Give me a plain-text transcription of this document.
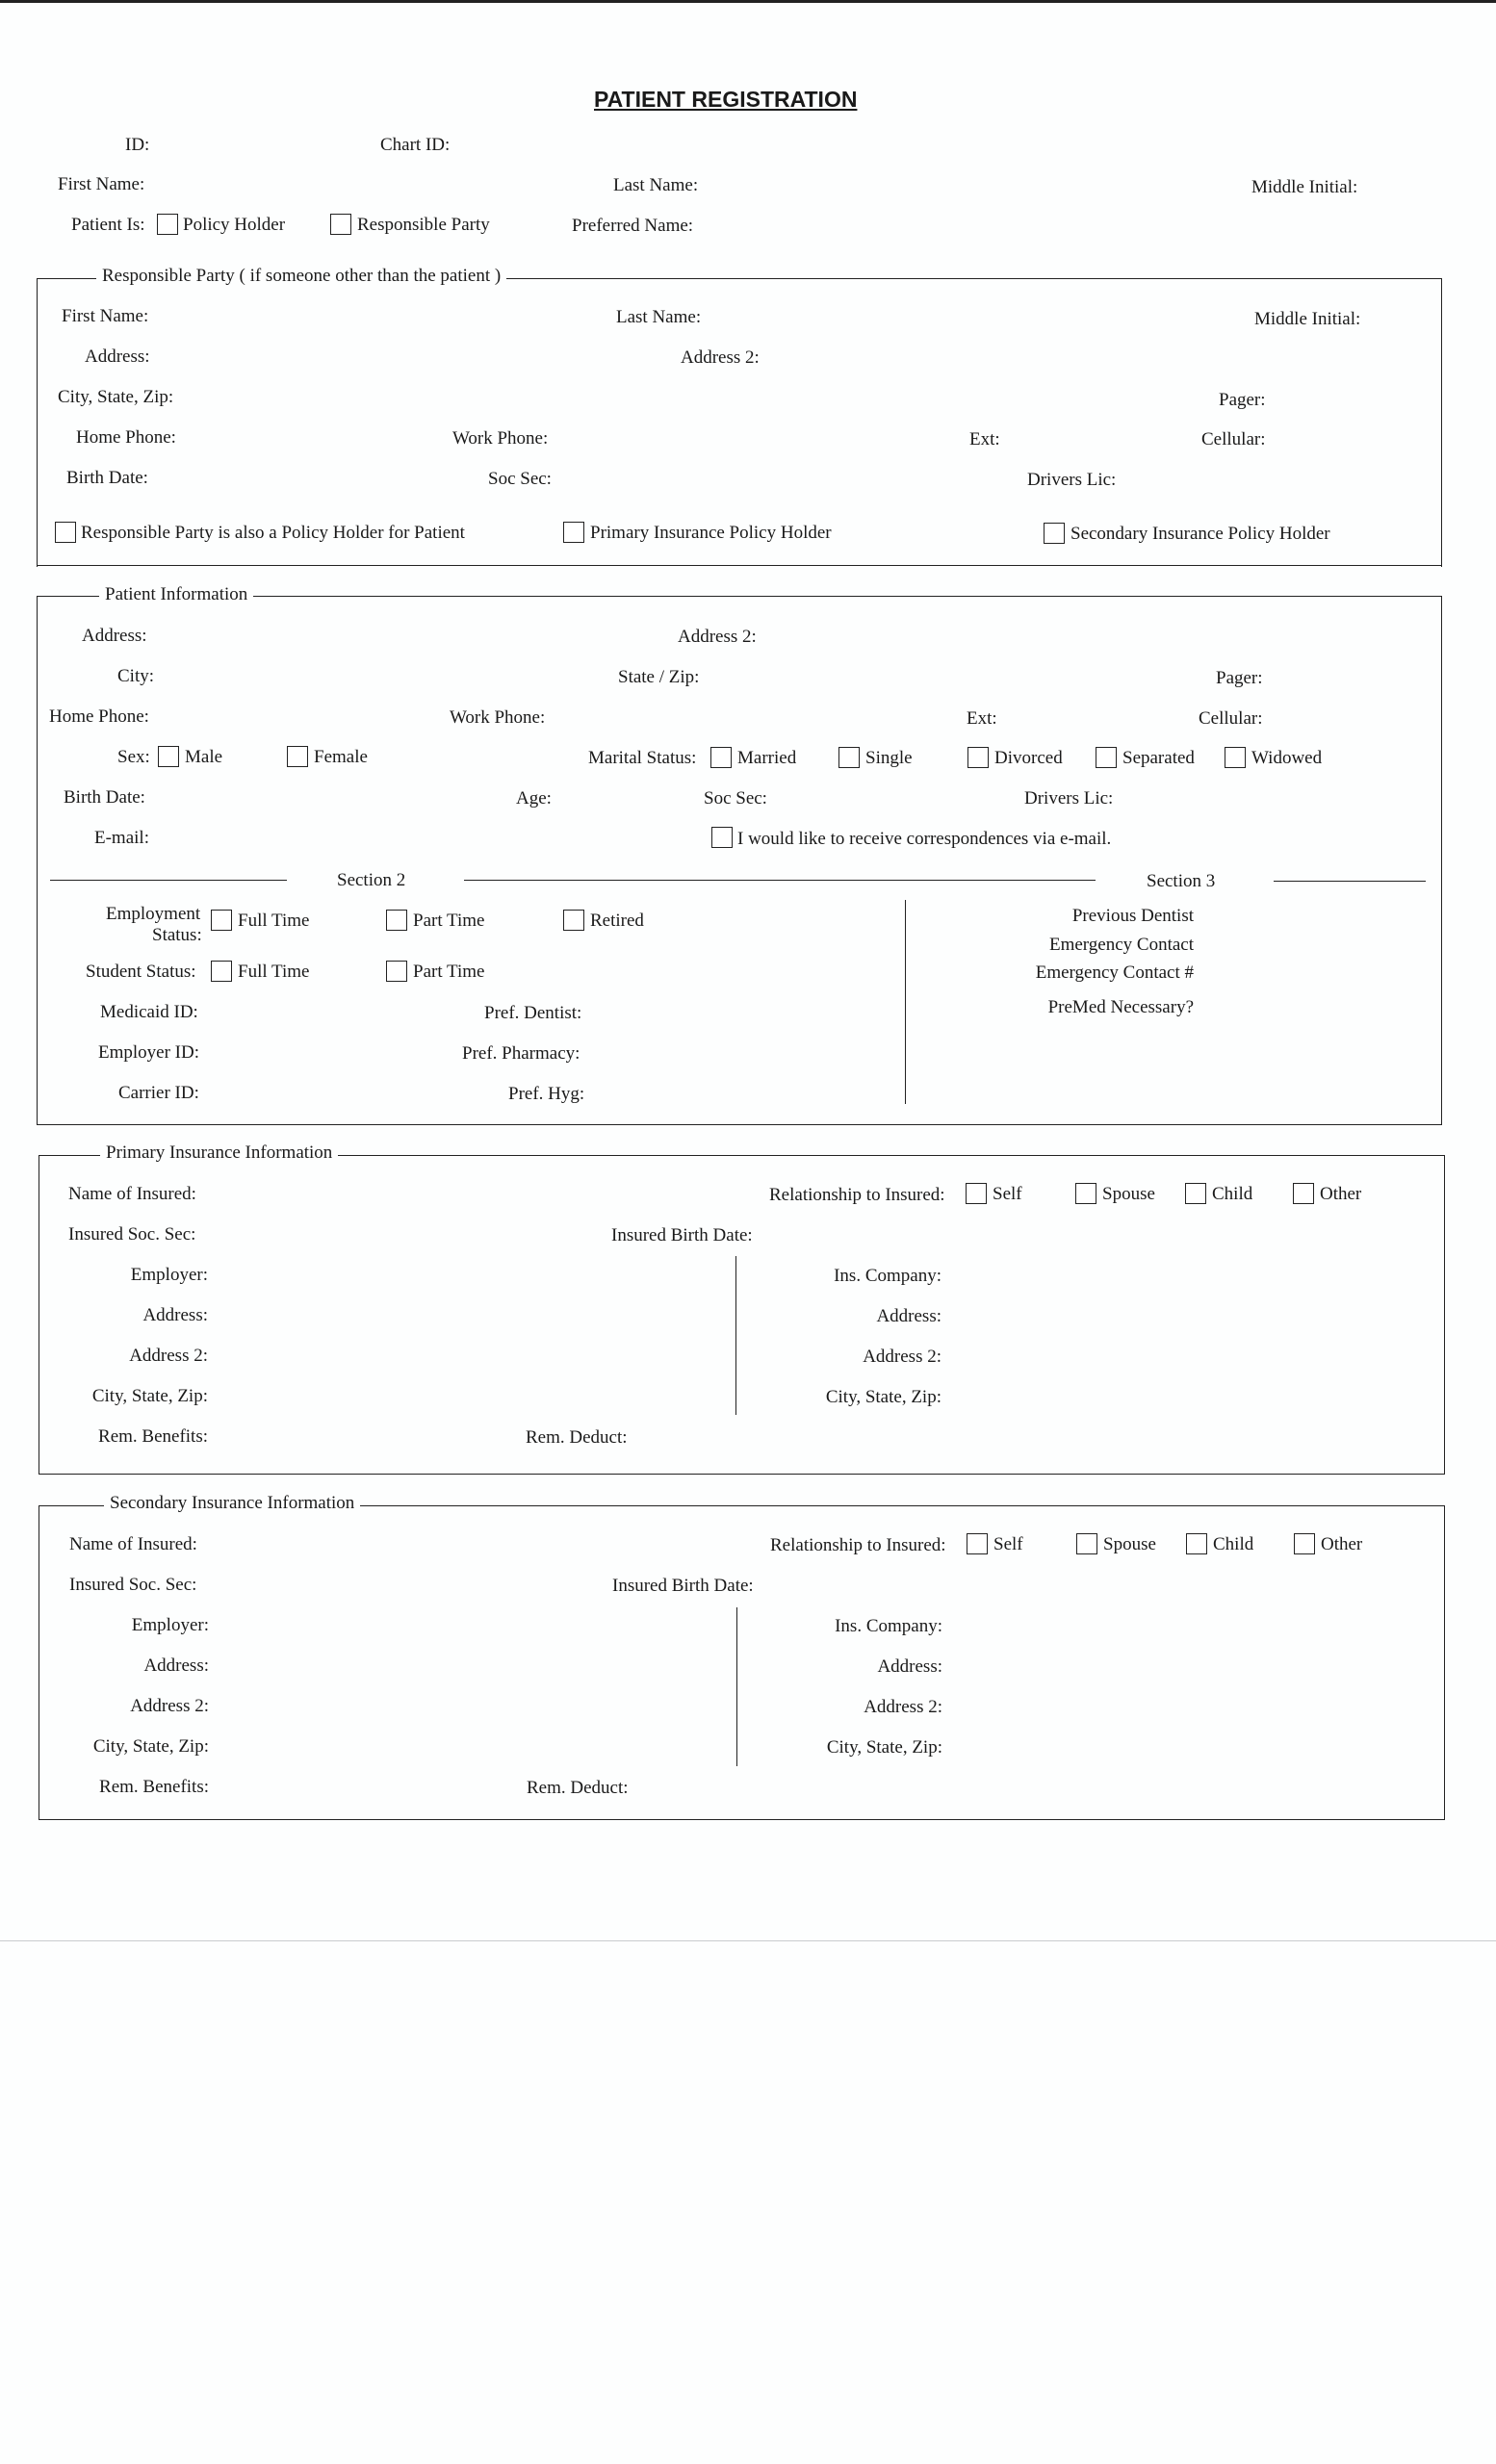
PATIENT REGISTRATION
ID:	Chart ID:
First Name:	Last Name:	Middle Initial:
Patient Is: Policy Holder	Responsible Party	Preferred Name:
Responsible Party ( if someone other than the patient )
First Name:	Last Name:	Middle Initial:
Address:	Address 2:
City, State, Zip:	Pager:
Home Phone:	Work Phone:	Ext:	Cellular:
Birth Date:	Soc Sec:	Drivers Lic:
Responsible Party is also a Policy Holder for Patient	Primary Insurance Policy Holder	Secondary Insurance Policy Holder
Patient Information
Address:	Address 2:
City:	State / Zip:	Pager:
Home Phone:	Work Phone:	Ext:	Cellular:
Sex: Male	Female	Marital Status: Married	Single	Divorced	Separated	Widowed
Birth Date:	Age:	Soc Sec:	Drivers Lic:
E-mail:	I would like to receive correspondences via e-mail.
Section 2	Section 3
Employment
Status:
Full Time	Part Time	Retired
Student Status: Full Time	Part Time
Medicaid ID:	Pref. Dentist:
Employer ID:	Pref. Pharmacy:
Carrier ID:	Pref. Hyg:
Previous Dentist
Emergency Contact
Emergency Contact #
PreMed Necessary?
Primary Insurance Information
Name of Insured:	Relationship to Insured:	Self	Spouse	Child	Other
Insured Soc. Sec:	Insured Birth Date:
Employer:	Ins. Company:
Address:	Address:
Address 2:	Address 2:
City, State, Zip:	City, State, Zip:
Rem. Benefits:	Rem. Deduct:
Secondary Insurance Information
Name of Insured:	Relationship to Insured:	Self	Spouse	Child	Other
Insured Soc. Sec:	Insured Birth Date:
Employer:	Ins. Company:
Address:	Address:
Address 2:	Address 2:
City, State, Zip:	City, State, Zip:
Rem. Benefits:	Rem. Deduct:
